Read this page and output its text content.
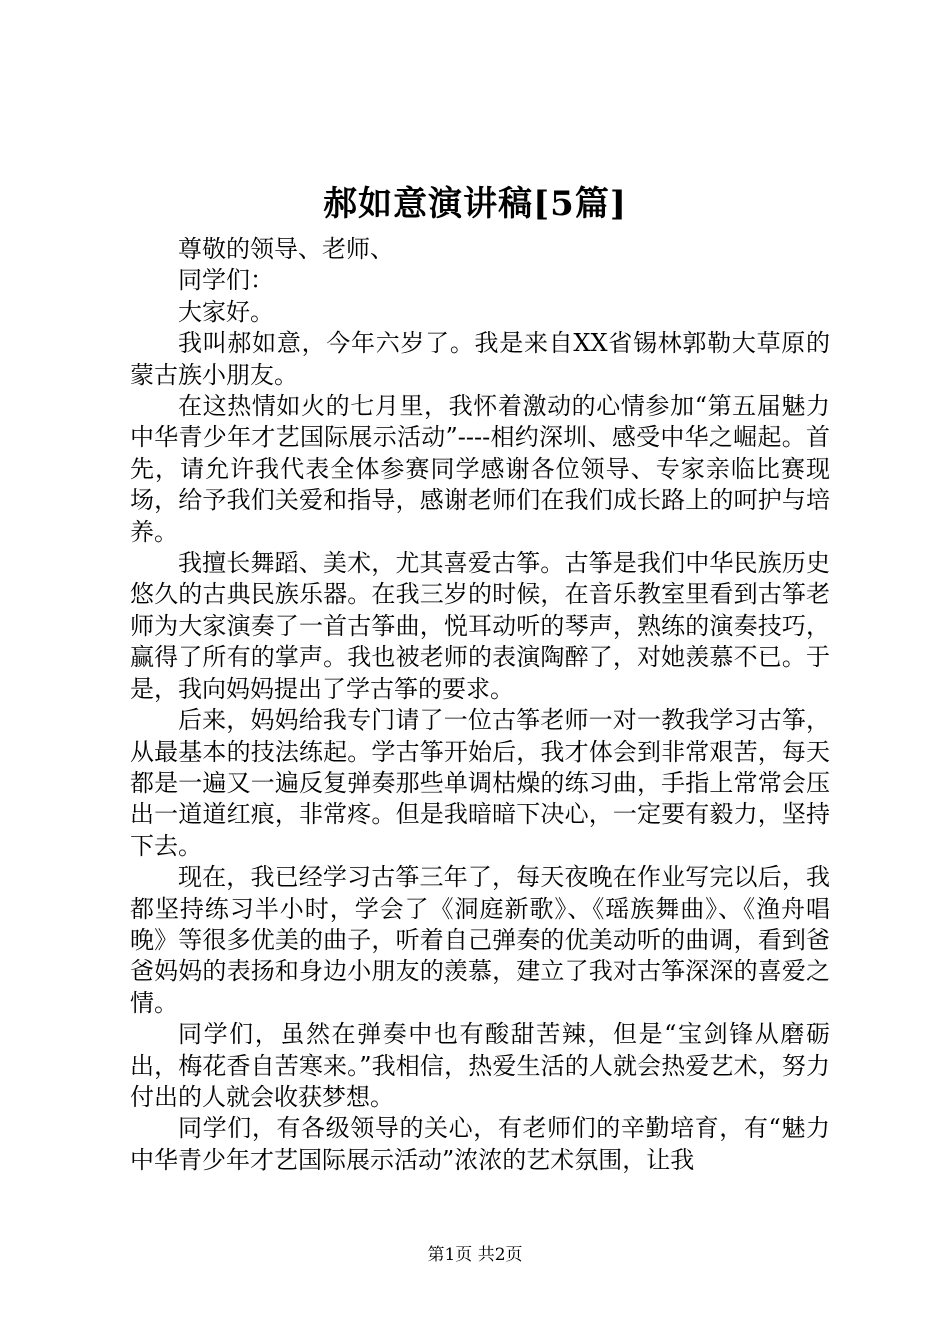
郝如意演讲稿[5篇]

尊敬的领导、老师、

同学们：

大家好。

我叫郝如意，今年六岁了。我是来自XX省锡林郭勒大草原的蒙古族小朋友。

在这热情如火的七月里，我怀着激动的心情参加“第五届魅力中华青少年才艺国际展示活动”----相约深圳、感受中华之崛起。首先，请允许我代表全体参赛同学感谢各位领导、专家亲临比赛现场，给予我们关爱和指导，感谢老师们在我们成长路上的呵护与培养。

我擅长舞蹈、美术，尤其喜爱古筝。古筝是我们中华民族历史悠久的古典民族乐器。在我三岁的时候，在音乐教室里看到古筝老师为大家演奏了一首古筝曲，悦耳动听的琴声，熟练的演奏技巧，赢得了所有的掌声。我也被老师的表演陶醉了，对她羡慕不已。于是，我向妈妈提出了学古筝的要求。

后来，妈妈给我专门请了一位古筝老师一对一教我学习古筝，从最基本的技法练起。学古筝开始后，我才体会到非常艰苦，每天都是一遍又一遍反复弹奏那些单调枯燥的练习曲，手指上常常会压出一道道红痕，非常疼。但是我暗暗下决心，一定要有毅力，坚持下去。

现在，我已经学习古筝三年了，每天夜晚在作业写完以后，我都坚持练习半小时，学会了《洞庭新歌》、《瑶族舞曲》、《渔舟唱晚》等很多优美的曲子，听着自己弹奏的优美动听的曲调，看到爸爸妈妈的表扬和身边小朋友的羡慕，建立了我对古筝深深的喜爱之情。

同学们，虽然在弹奏中也有酸甜苦辣，但是“宝剑锋从磨砺出，梅花香自苦寒来。”我相信，热爱生活的人就会热爱艺术，努力付出的人就会收获梦想。

同学们，有各级领导的关心，有老师们的辛勤培育，有“魅力中华青少年才艺国际展示活动”浓浓的艺术氛围，让我

第1页 共2页
